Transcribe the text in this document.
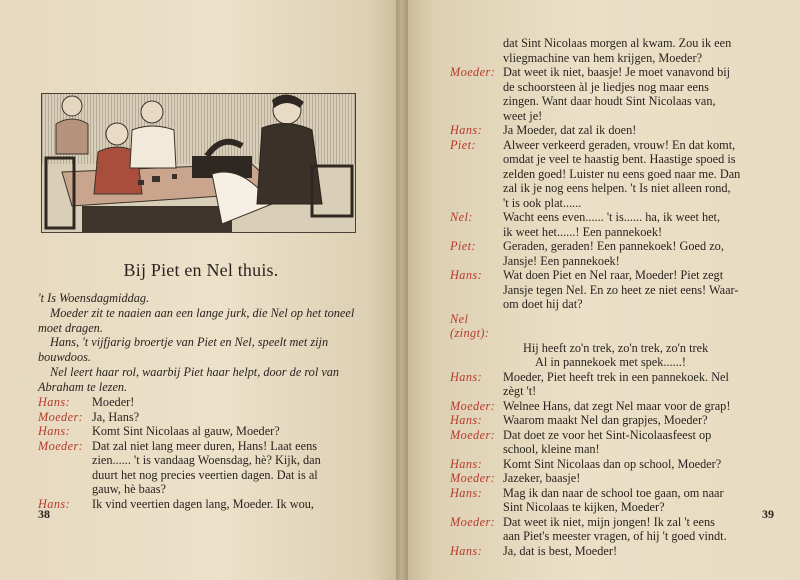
Bij Piet en Nel thuis.

't Is Woensdagmiddag.

Moeder zit te naaien aan een lange jurk, die Nel op het toneel moet dragen.

Hans, 't vijfjarig broertje van Piet en Nel, speelt met zijn bouwdoos.

Nel leert haar rol, waarbij Piet haar helpt, door de rol van Abraham te lezen.

Hans:	Moeder!
Moeder: Ja, Hans?
Hans:	Komt Sint Nicolaas al gauw, Moeder?
Moeder: Dat zal niet lang meer duren, Hans! Laat eens
zien...... 't is vandaag Woensdag, hè? Kijk, dan
duurt het nog precies veertien dagen. Dat is al
gauw, hè baas?
Hans:	Ik vind veertien dagen lang, Moeder. Ik wou,
38
dat Sint Nicolaas morgen al kwam. Zou ik een
vliegmachine van hem krijgen, Moeder?
Moeder: Dat weet ik niet, baasje! Je moet vanavond bij
de schoorsteen àl je liedjes nog maar eens
zingen. Want daar houdt Sint Nicolaas van,
weet je!
Hans:	Ja Moeder, dat zal ik doen!
Piet:	Alweer verkeerd geraden, vrouw! En dat komt,
omdat je veel te haastig bent. Haastige spoed is
zelden goed! Luister nu eens goed naar me. Dan
zal ik je nog eens helpen. 't Is niet alleen rond,
't is ook plat......
Nel:	Wacht eens even...... 't is...... ha, ik weet het,
ik weet het......! Een pannekoek!
Piet:	Geraden, geraden! Een pannekoek! Goed zo,
Jansje! Een pannekoek!
Hans:	Wat doen Piet en Nel raar, Moeder! Piet zegt
Jansje tegen Nel. En zo heet ze niet eens! Waar-
om doet hij dat?
Nel (zingt):
Hij heeft zo'n trek, zo'n trek, zo'n trek
Al in pannekoek met spek......!
Hans:	Moeder, Piet heeft trek in een pannekoek. Nel
zègt 't!
Moeder: Welnee Hans, dat zegt Nel maar voor de grap!
Hans:	Waarom maakt Nel dan grapjes, Moeder?
Moeder: Dat doet ze voor het Sint-Nicolaasfeest op
school, kleine man!
Hans:	Komt Sint Nicolaas dan op school, Moeder?
Moeder: Jazeker, baasje!
Hans:	Mag ik dan naar de school toe gaan, om naar
Sint Nicolaas te kijken, Moeder?
Moeder: Dat weet ik niet, mijn jongen! Ik zal 't eens
aan Piet's meester vragen, of hij 't goed vindt.
Hans:	Ja, dat is best, Moeder!
39
